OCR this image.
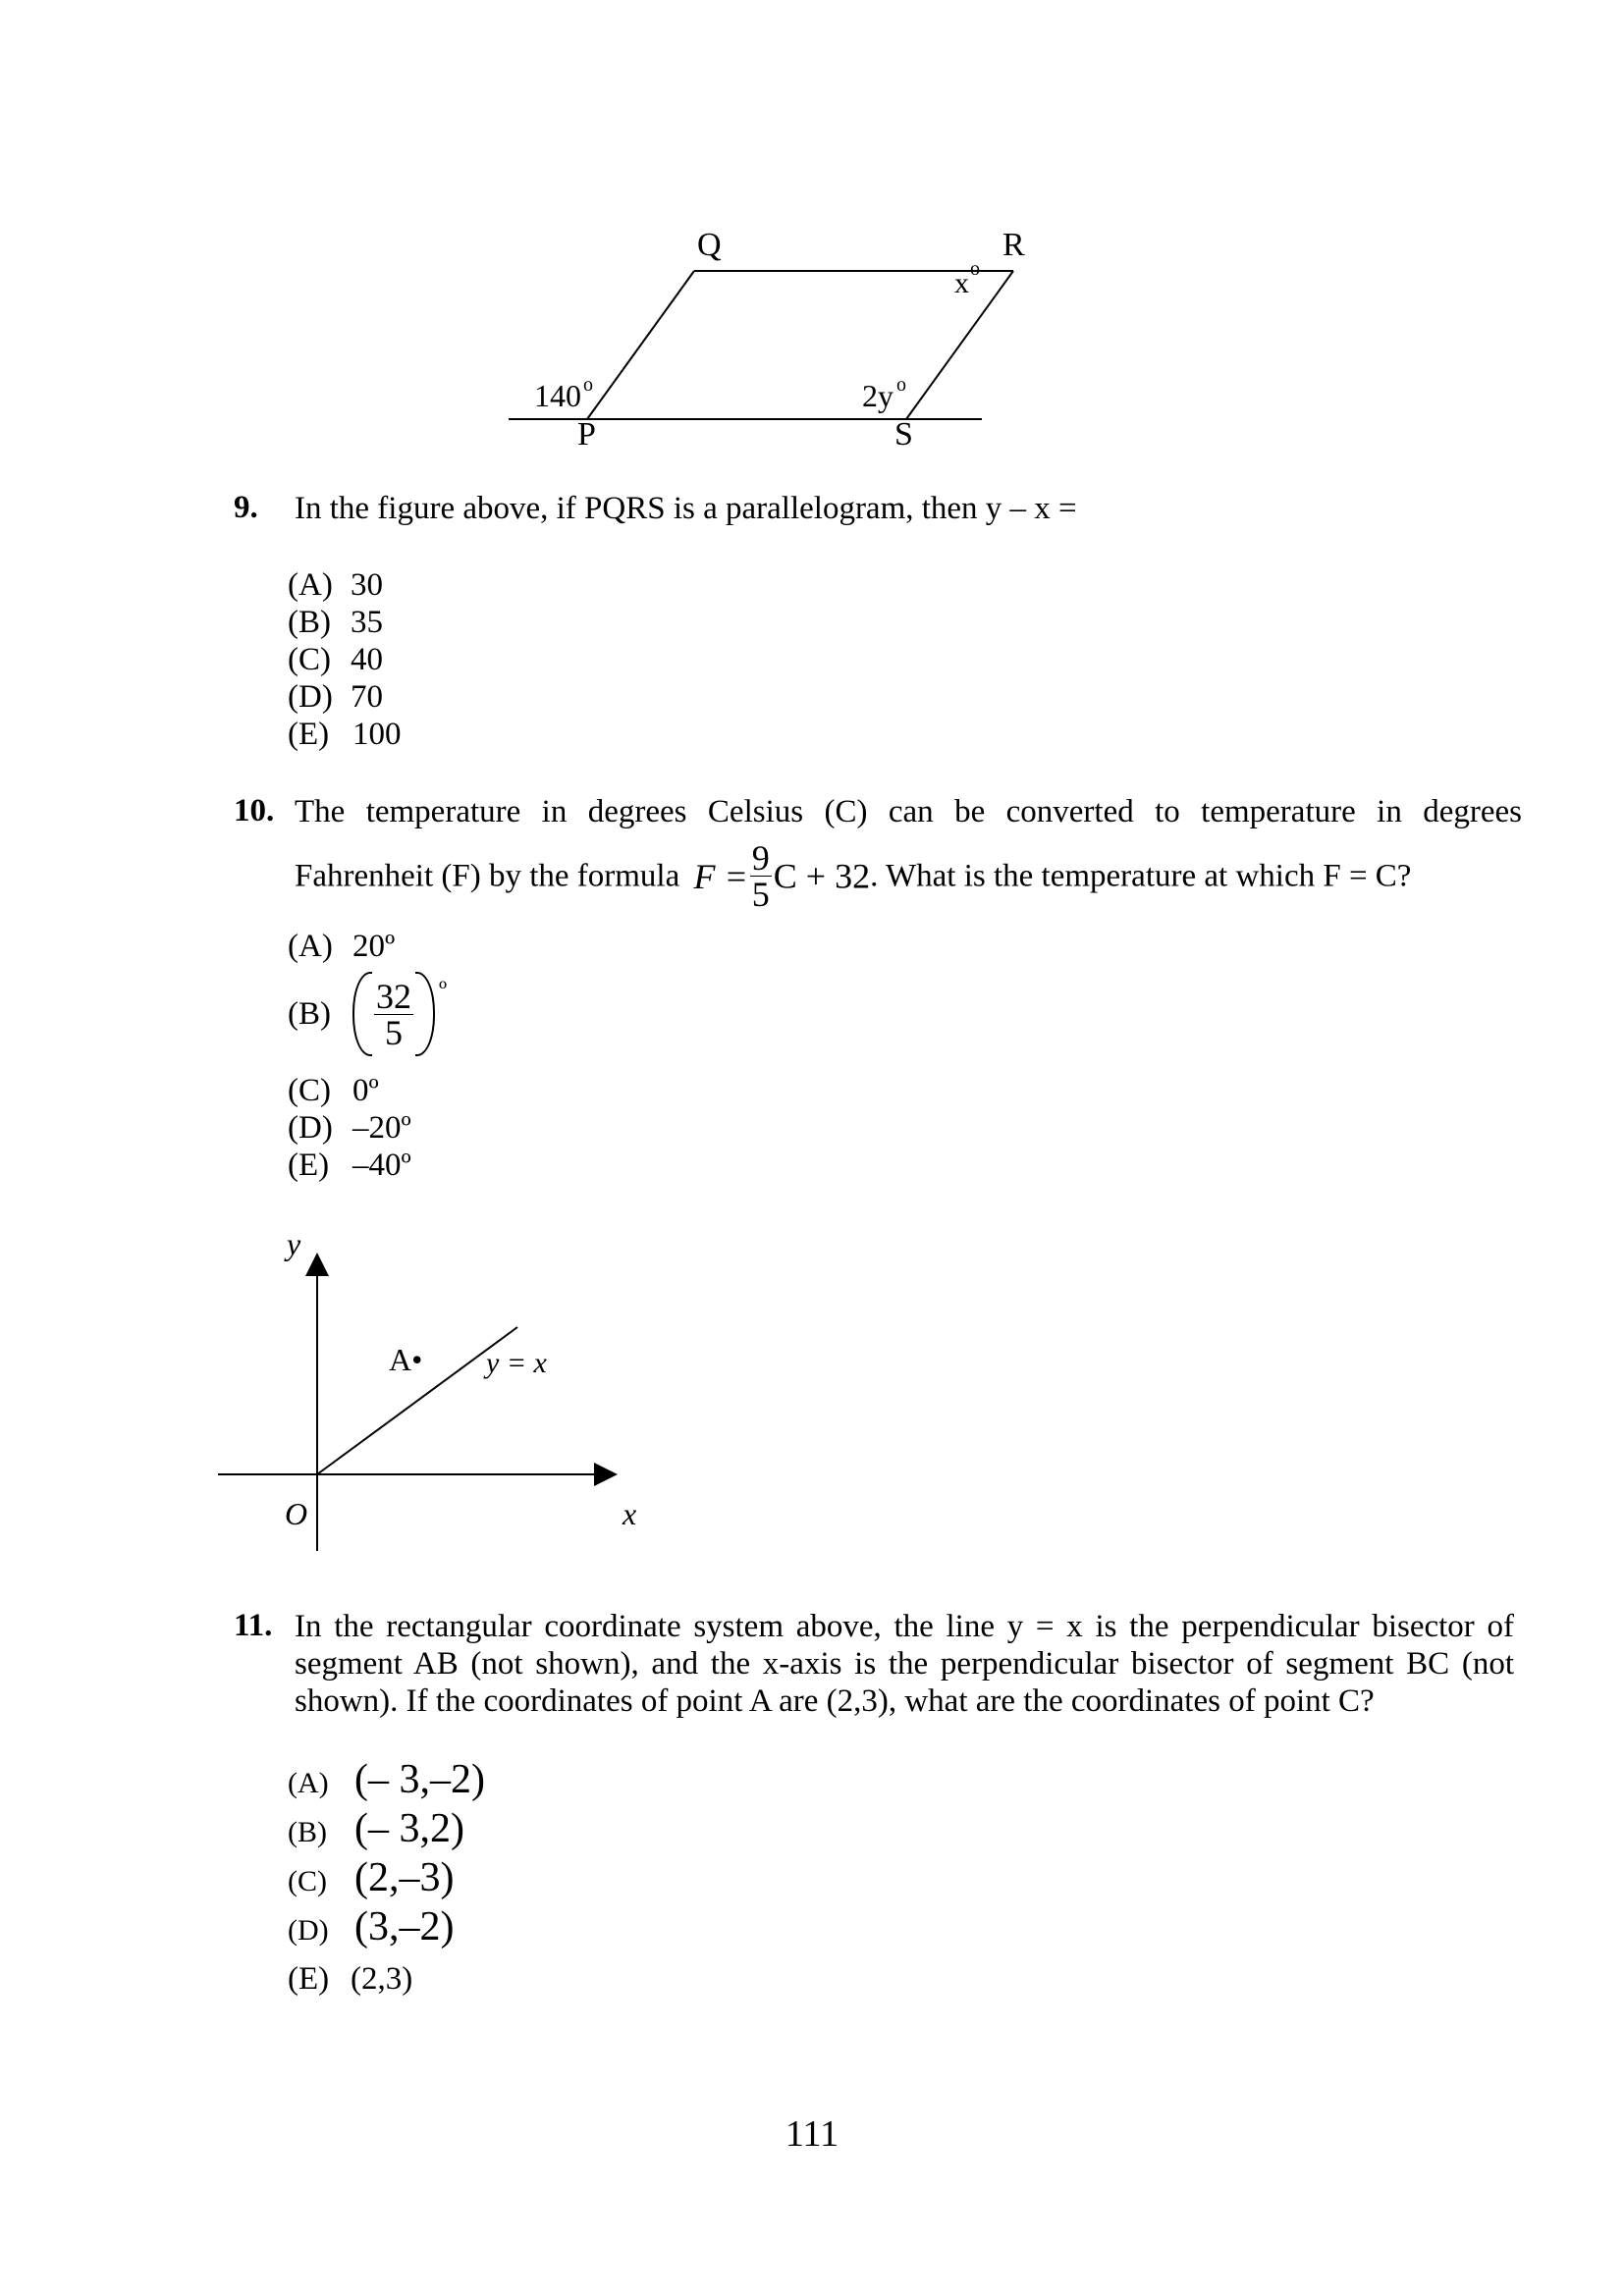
Q	R
P	S
x o
140 o	2y o
9. In the figure above, if PQRS is a parallelogram, then y – x =
(A) 30
(B) 35
(C) 40
(D) 70
(E) 100
10. The temperature in degrees Celsius (C) can be converted to temperature in degrees
Fahrenheit (F) by the formula $F = \frac{9}{5}$ C + 32. What is the temperature at which F = C?
(A) 20º
$(B) \frac{32}{5} ^º$
(C) 0º
(D) –20º
(E) –40º
y
x
O
A• y = x
11. In the rectangular coordinate system above, the line y = x is the perpendicular bisector of segment AB (not shown), and the x-axis is the perpendicular bisector of segment BC (not shown). If the coordinates of point A are (2,3), what are the coordinates of point C?
(A) (– 3,–2)
(B) (– 3,2)
(C) (2,–3)
(D) (3,–2)
(E) (2,3)
111
